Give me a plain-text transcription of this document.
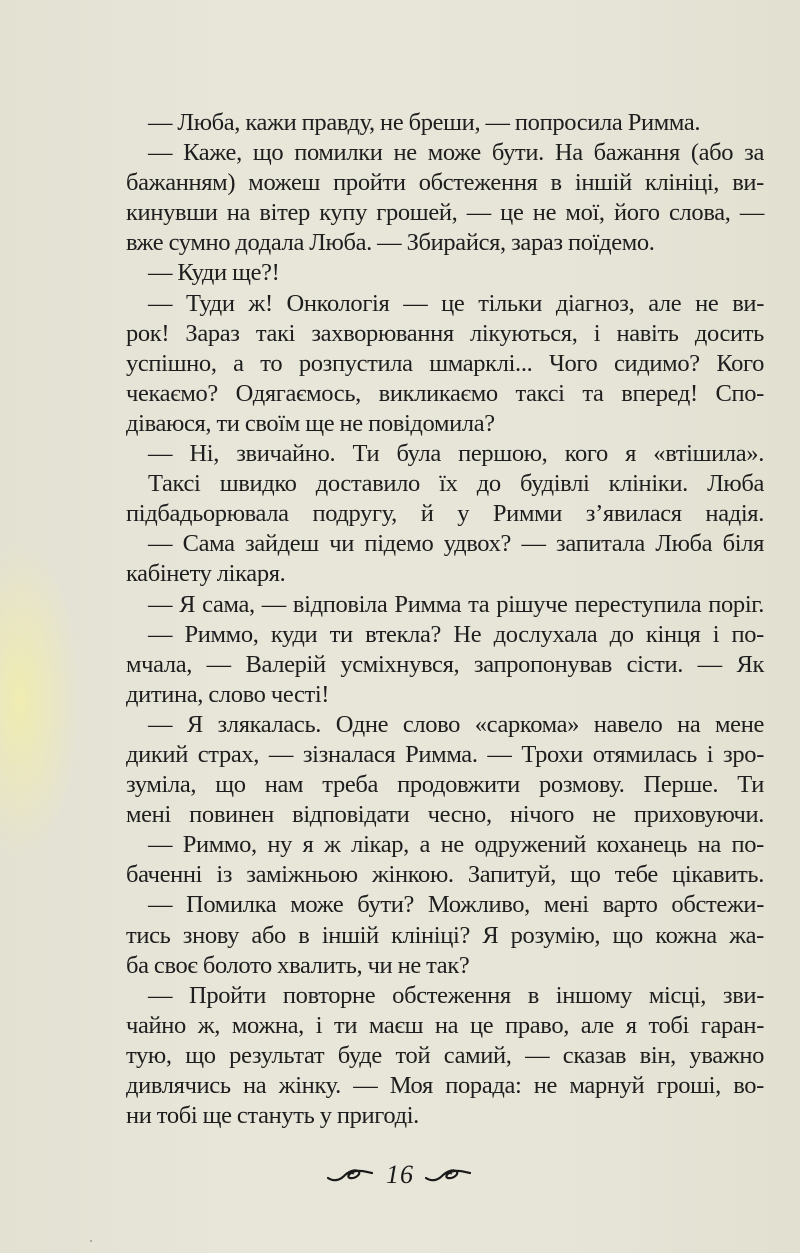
— Люба, кажи правду, не бреши, — попросила Римма.
— Каже, що помилки не може бути. На бажання (або за
бажанням) можеш пройти обстеження в іншій клініці, ви-
кинувши на вітер купу грошей, — це не мої, його слова, —
вже сумно додала Люба. — Збирайся, зараз поїдемо.
— Куди ще?!
— Туди ж! Онкологія — це тільки діагноз, але не ви-
рок! Зараз такі захворювання лікуються, і навіть досить
успішно, а то розпустила шмарклі... Чого сидимо? Кого
чекаємо? Одягаємось, викликаємо таксі та вперед! Спо-
діваюся, ти своїм ще не повідомила?
— Ні, звичайно. Ти була першою, кого я «втішила».
Таксі швидко доставило їх до будівлі клініки. Люба
підбадьорювала подругу, й у Римми з’явилася надія.
— Сама зайдеш чи підемо удвох? — запитала Люба біля
кабінету лікаря.
— Я сама, — відповіла Римма та рішуче переступила поріг.
— Риммо, куди ти втекла? Не дослухала до кінця і по-
мчала, — Валерій усміхнувся, запропонував сісти. — Як
дитина, слово честі!
— Я злякалась. Одне слово «саркома» навело на мене
дикий страх, — зізналася Римма. — Трохи отямилась і зро-
зуміла, що нам треба продовжити розмову. Перше. Ти
мені повинен відповідати чесно, нічого не приховуючи.
— Риммо, ну я ж лікар, а не одружений коханець на по-
баченні із заміжньою жінкою. Запитуй, що тебе цікавить.
— Помилка може бути? Можливо, мені варто обстежи-
тись знову або в іншій клініці? Я розумію, що кожна жа-
ба своє болото хвалить, чи не так?
— Пройти повторне обстеження в іншому місці, зви-
чайно ж, можна, і ти маєш на це право, але я тобі гаран-
тую, що результат буде той самий, — сказав він, уважно
дивлячись на жінку. — Моя порада: не марнуй гроші, во-
ни тобі ще стануть у пригоді.
16
